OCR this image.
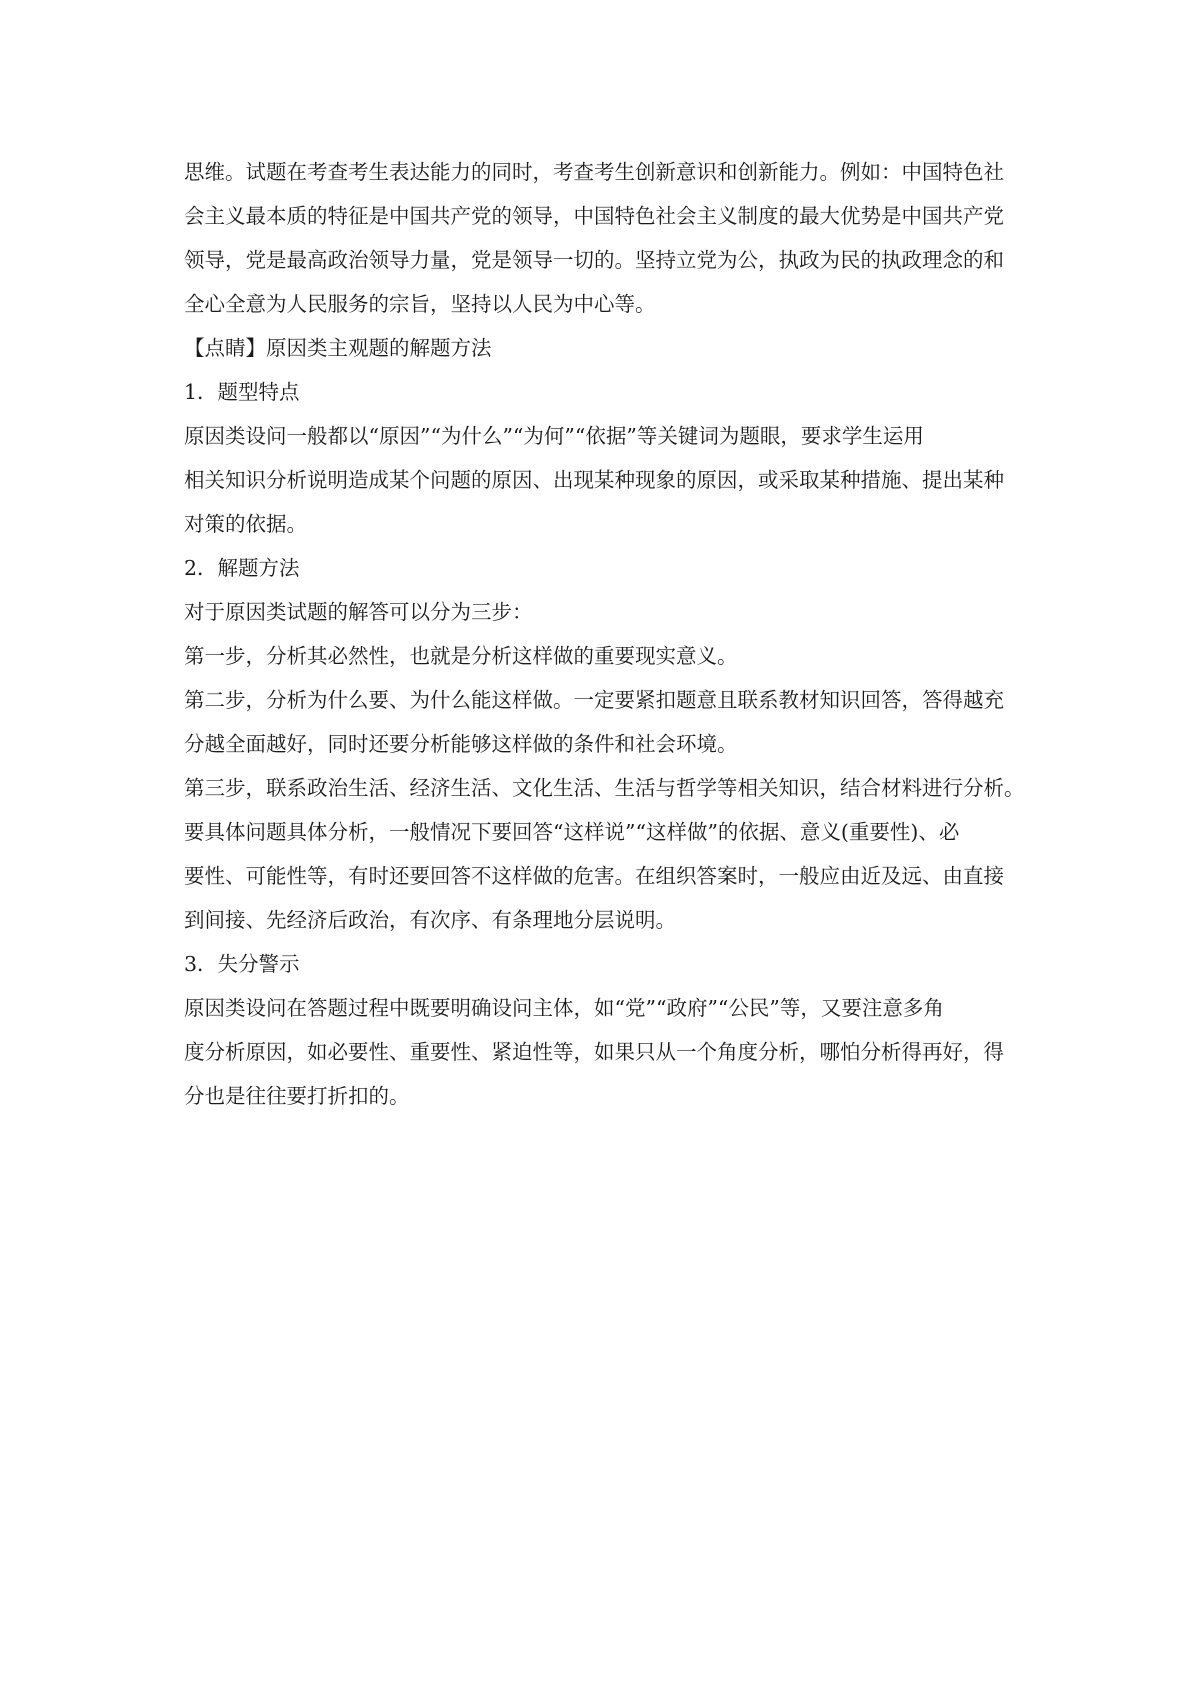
思维。试题在考查考生表达能力的同时，考查考生创新意识和创新能力。例如：中国特色社
会主义最本质的特征是中国共产党的领导，中国特色社会主义制度的最大优势是中国共产党
领导，党是最高政治领导力量，党是领导一切的。坚持立党为公，执政为民的执政理念的和
全心全意为人民服务的宗旨，坚持以人民为中心等。
【点睛】原因类主观题的解题方法
1．题型特点
原因类设问一般都以“原因”“为什么”“为何”“依据”等关键词为题眼，要求学生运用
相关知识分析说明造成某个问题的原因、出现某种现象的原因，或采取某种措施、提出某种
对策的依据。
2．解题方法
对于原因类试题的解答可以分为三步：
第一步，分析其必然性，也就是分析这样做的重要现实意义。
第二步，分析为什么要、为什么能这样做。一定要紧扣题意且联系教材知识回答，答得越充
分越全面越好，同时还要分析能够这样做的条件和社会环境。
第三步，联系政治生活、经济生活、文化生活、生活与哲学等相关知识，结合材料进行分析。
要具体问题具体分析，一般情况下要回答“这样说”“这样做”的依据、意义(重要性)、必
要性、可能性等，有时还要回答不这样做的危害。在组织答案时，一般应由近及远、由直接
到间接、先经济后政治，有次序、有条理地分层说明。
3．失分警示
原因类设问在答题过程中既要明确设问主体，如“党”“政府”“公民”等，又要注意多角
度分析原因，如必要性、重要性、紧迫性等，如果只从一个角度分析，哪怕分析得再好，得
分也是往往要打折扣的。
